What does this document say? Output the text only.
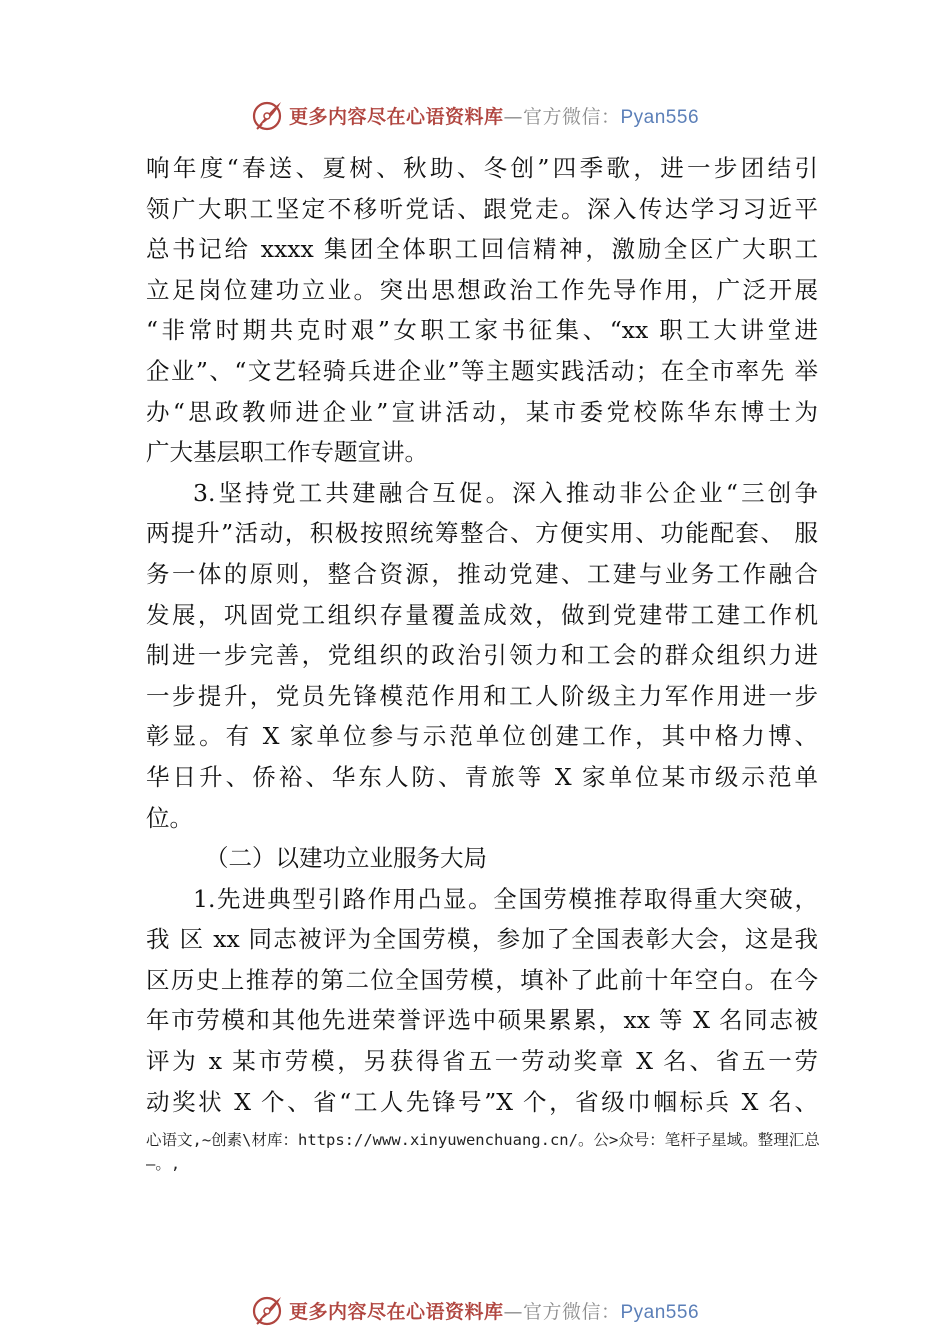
更多内容尽在心语资料库—官方微信：Pyan556
响年度“春送、夏树、秋助、冬创”四季歌，进一步团结引
领广大职工坚定不移听党话、跟党走。深入传达学习习近平
总书记给 xxxx 集团全体职工回信精神，激励全区广大职工
立足岗位建功立业。突出思想政治工作先导作用，广泛开展
“非常时期共克时艰”女职工家书征集、“xx 职工大讲堂进
企业”、“文艺轻骑兵进企业”等主题实践活动；在全市率先 举
办“思政教师进企业”宣讲活动，某市委党校陈华东博士为
广大基层职工作专题宣讲。
3.坚持党工共建融合互促。深入推动非公企业“三创争
两提升”活动，积极按照统筹整合、方便实用、功能配套、 服
务一体的原则，整合资源，推动党建、工建与业务工作融合
发展，巩固党工组织存量覆盖成效，做到党建带工建工作机
制进一步完善，党组织的政治引领力和工会的群众组织力进
一步提升，党员先锋模范作用和工人阶级主力军作用进一步
彰显。有 X 家单位参与示范单位创建工作，其中格力博、
华日升、侨裕、华东人防、青旅等 X 家单位某市级示范单
位。
（二）以建功立业服务大局
1.先进典型引路作用凸显。全国劳模推荐取得重大突破，
我 区 xx 同志被评为全国劳模，参加了全国表彰大会，这是我
区历史上推荐的第二位全国劳模，填补了此前十年空白。在今
年市劳模和其他先进荣誉评选中硕果累累，xx 等 X 名同志被
评为 x 某市劳模，另获得省五一劳动奖章 X 名、省五一劳
动奖状 X 个、省“工人先锋号”X 个，省级巾帼标兵 X 名、
心语文,~创素\材库：https://www.xinyuwenchuang.cn/。公>众号：笔杆子星域。整理汇总
—。,
更多内容尽在心语资料库—官方微信：Pyan556
